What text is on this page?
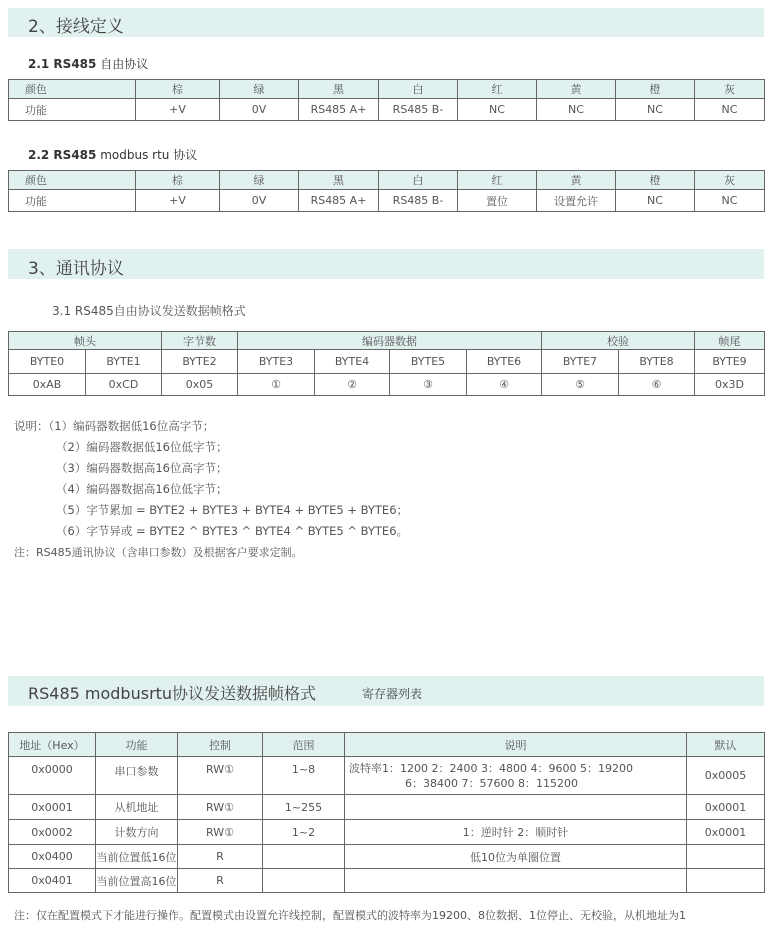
2、接线定义
2.1 RS485 自由协议
颜色	棕	绿	黑	白	红	黄	橙	灰
功能	+V	0V	RS485 A+	RS485 B-	NC	NC	NC	NC
2.2 RS485 modbus rtu 协议
颜色	棕	绿	黑	白	红	黄	橙	灰
功能	+V	0V	RS485 A+	RS485 B-	置位	设置允许	NC	NC
3、通讯协议
3.1 RS485自由协议发送数据帧格式
帧头		字节数	编码器数据				校验		帧尾
BYTE0	BYTE1	BYTE2	BYTE3	BYTE4	BYTE5	BYTE6	BYTE7	BYTE8	BYTE9
0xAB	0xCD	0x05	①	②	③	④	⑤	⑥	0x3D
说明：（1）编码器数据低16位高字节；
（2）编码器数据低16位低字节；
（3）编码器数据高16位高字节；
（4）编码器数据高16位低字节；
（5）字节累加 = BYTE2 + BYTE3 + BYTE4 + BYTE5 + BYTE6；
（6）字节异或 = BYTE2 ^ BYTE3 ^ BYTE4 ^ BYTE5 ^ BYTE6。
注：RS485通讯协议（含串口参数）及根据客户要求定制。
RS485 modbusrtu协议发送数据帧格式	寄存器列表
地址（Hex）	功能	控制	范围	说明	默认
0x0000	串口参数	RW①	1~8	波特率1：1200 2：2400 3：4800 4：9600 5：19200
6：38400 7：57600 8：115200	0x0005
0x0001	从机地址	RW①	1~255		0x0001
0x0002	计数方向	RW①	1~2	1：逆时针 2：顺时针	0x0001
0x0400	当前位置低16位	R		低10位为单圈位置	
0x0401	当前位置高16位	R			
注：仅在配置模式下才能进行操作。配置模式由设置允许线控制，配置模式的波特率为19200、8位数据、1位停止、无校验，从机地址为1
